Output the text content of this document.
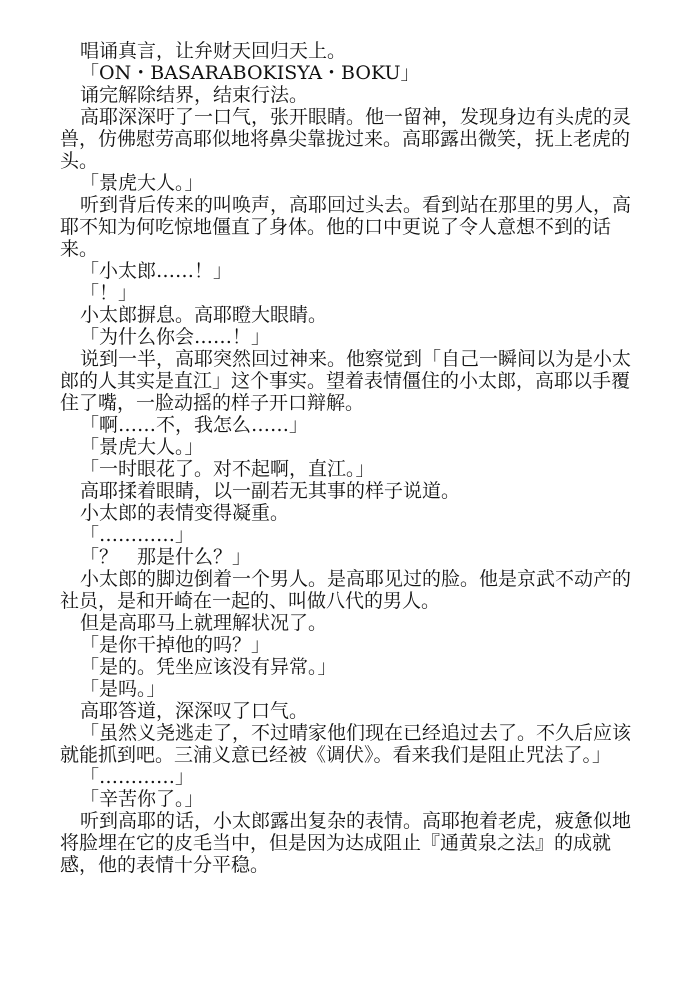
唱诵真言，让弁财天回归天上。

「ON・BASARABOKISYA・BOKU」

诵完解除结界，结束行法。

高耶深深吁了一口气，张开眼睛。他一留神，发现身边有头虎的灵兽，仿佛慰劳高耶似地将鼻尖靠拢过来。高耶露出微笑，抚上老虎的头。

「景虎大人。」

听到背后传来的叫唤声，高耶回过头去。看到站在那里的男人，高耶不知为何吃惊地僵直了身体。他的口中更说了令人意想不到的话来。

「小太郎……！」

「！」

小太郎摒息。高耶瞪大眼睛。

「为什么你会……！」

说到一半，高耶突然回过神来。他察觉到「自己一瞬间以为是小太郎的人其实是直江」这个事实。望着表情僵住的小太郎，高耶以手覆住了嘴，一脸动摇的样子开口辩解。

「啊……不，我怎么……」

「景虎大人。」

「一时眼花了。对不起啊，直江。」

高耶揉着眼睛，以一副若无其事的样子说道。

小太郎的表情变得凝重。

「…………」

「？　那是什么？」

小太郎的脚边倒着一个男人。是高耶见过的脸。他是京武不动产的社员，是和开崎在一起的、叫做八代的男人。

但是高耶马上就理解状况了。

「是你干掉他的吗？」

「是的。凭坐应该没有异常。」

「是吗。」

高耶答道，深深叹了口气。

「虽然义尧逃走了，不过晴家他们现在已经追过去了。不久后应该就能抓到吧。三浦义意已经被《调伏》。看来我们是阻止咒法了。」

「…………」

「辛苦你了。」

听到高耶的话，小太郎露出复杂的表情。高耶抱着老虎，疲惫似地将脸埋在它的皮毛当中，但是因为达成阻止『通黄泉之法』的成就感，他的表情十分平稳。
